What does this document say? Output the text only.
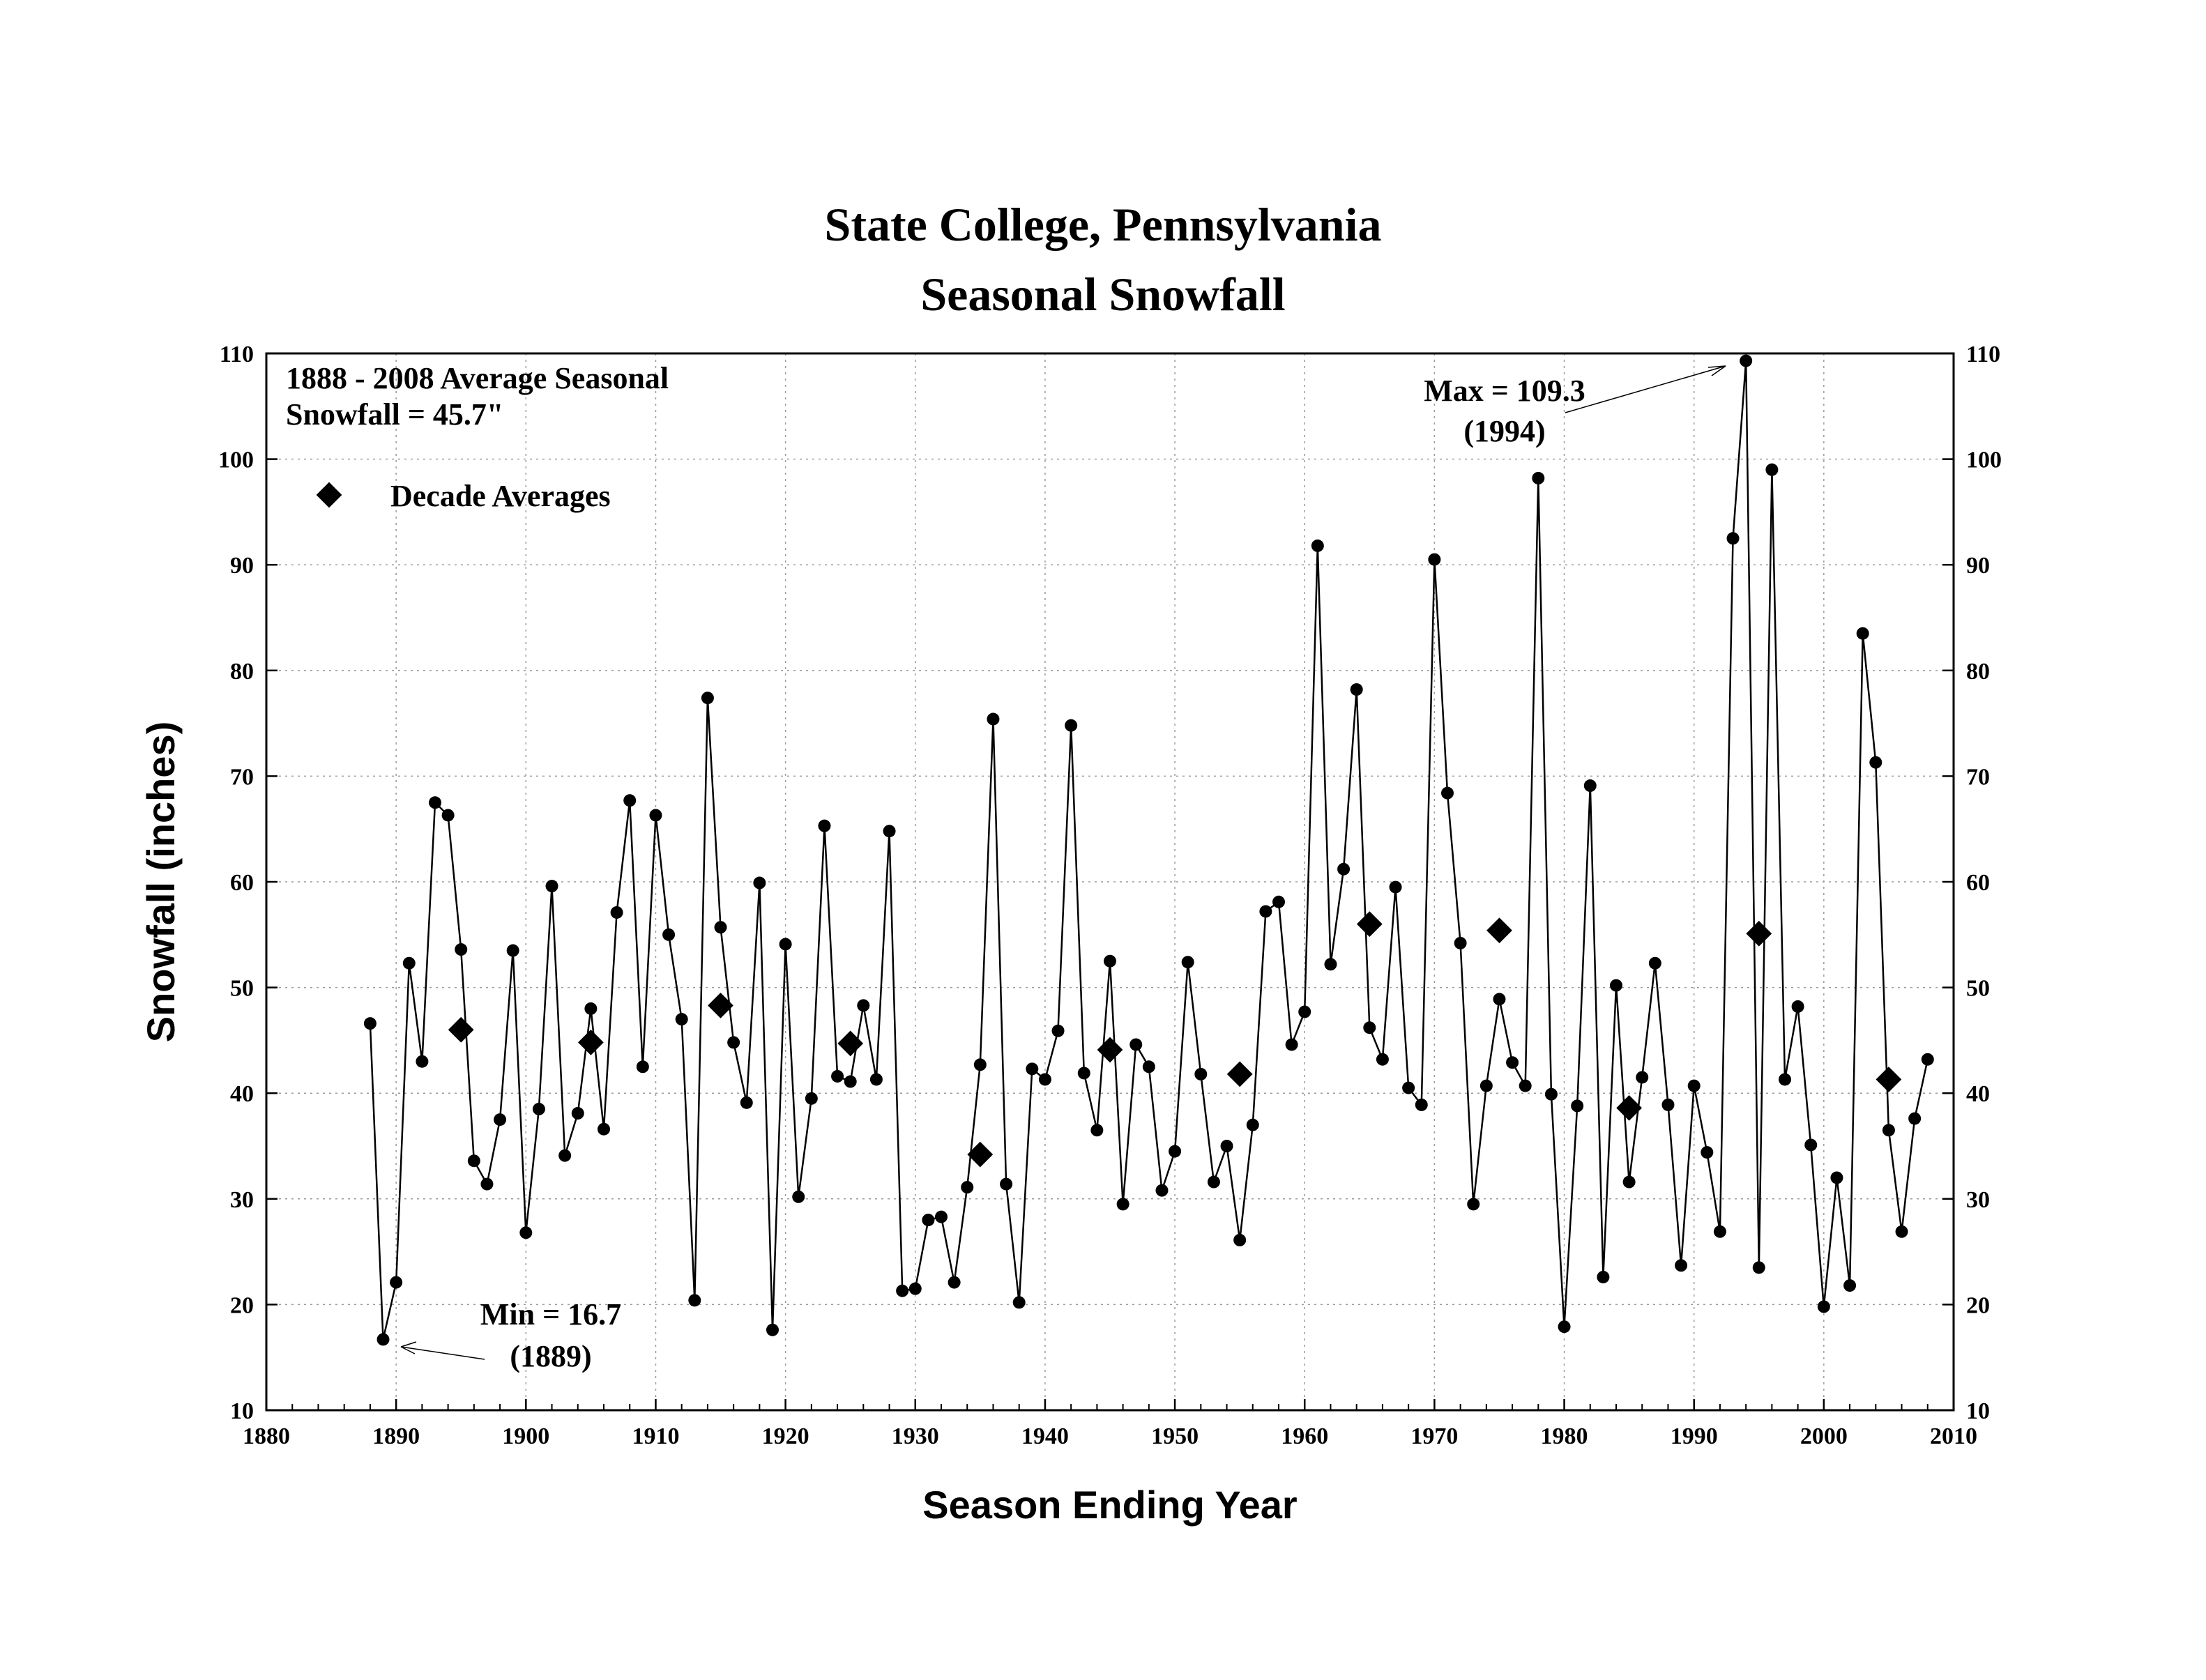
State College, Pennsylvania
Seasonal Snowfall
1880	1890	1900	1910	1920	1930	1940	1950	1960	1970	1980	1990	2000	2010
10	10
20	20
30	30
40	40
50	50
60	60
70	70
80	80
90	90
100	100
110	110
Season Ending Year
Snowfall (inches)
1888 - 2008 Average Seasonal
Snowfall = 45.7"
Decade Averages
Max = 109.3
(1994)
Min = 16.7
(1889)
